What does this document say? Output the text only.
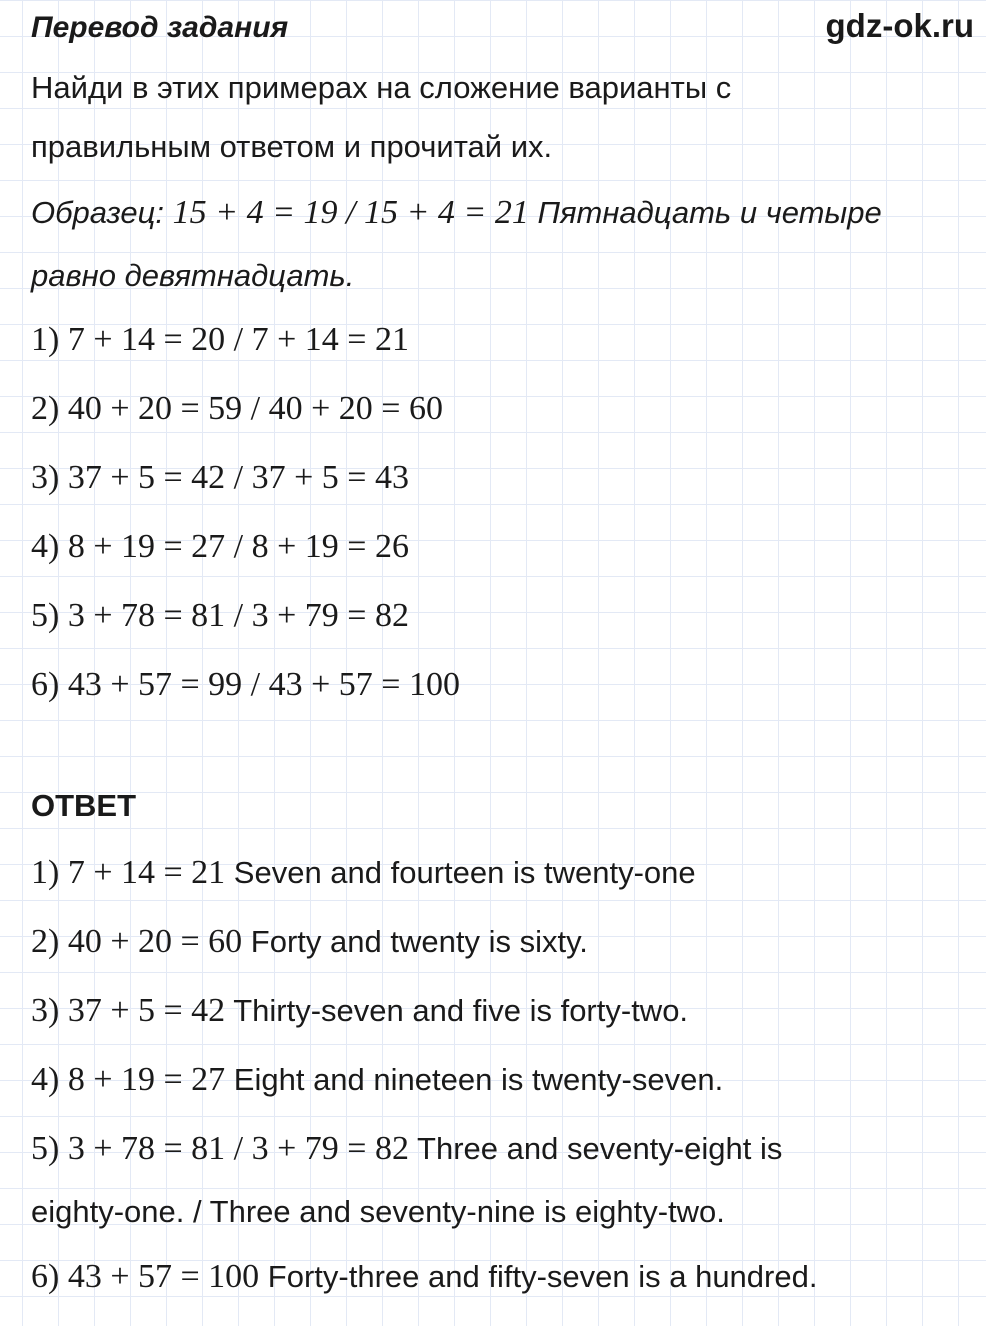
Перевод задания	gdz-ok.ru
Найди в этих примерах на сложение варианты с
правильным ответом и прочитай их.
Образец: 15 + 4 = 19 / 15 + 4 = 21 Пятнадцать и четыре
равно девятнадцать.
1) 7 + 14 = 20 / 7 + 14 = 21
2) 40 + 20 = 59 / 40 + 20 = 60
3) 37 + 5 = 42 / 37 + 5 = 43
4) 8 + 19 = 27 / 8 + 19 = 26
5) 3 + 78 = 81 / 3 + 79 = 82
6) 43 + 57 = 99 / 43 + 57 = 100
ОТВЕТ
1) 7 + 14 = 21 Seven and fourteen is twenty-one
2) 40 + 20 = 60 Forty and twenty is sixty.
3) 37 + 5 = 42 Thirty-seven and five is forty-two.
4) 8 + 19 = 27 Eight and nineteen is twenty-seven.
5) 3 + 78 = 81 / 3 + 79 = 82 Three and seventy-eight is
eighty-one. / Three and seventy-nine is eighty-two.
6) 43 + 57 = 100 Forty-three and fifty-seven is a hundred.
